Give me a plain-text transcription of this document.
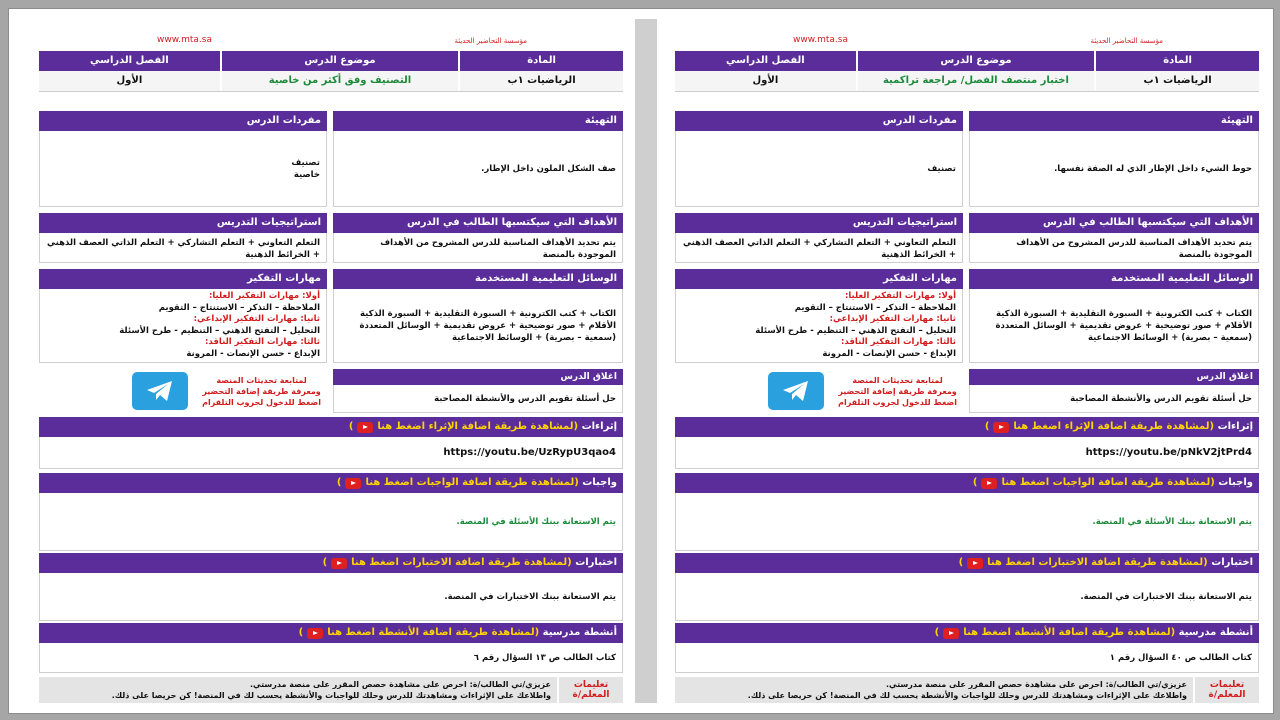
مؤسسة التحاضير الحديثة
www.mta.sa
المادة
موضوع الدرس
الفصل الدراسي
الرياضيات ١ب
اختبار منتصف الفصل/ مراجعة تراكمية
الأول
التهيئة
حوط الشيء داخل الإطار الذي له الصفة نفسها.
مفردات الدرس
تصنيف
الأهداف التي سيكتسبها الطالب في الدرس
يتم تحديد الأهداف المناسبة للدرس المشروح من الأهداف الموجودة بالمنصة
استراتيجيات التدريس
التعلم التعاوني + التعلم التشاركي + التعلم الذاتي العصف الذهني + الخرائط الذهنية
الوسائل التعليمية المستخدمة
الكتاب + كتب الكترونية + السبورة التقليدية + السبورة الذكية الأقلام + صور توضيحية + عروض تقديمية + الوسائل المتعددة (سمعية – بصرية) + الوسائط الاجتماعية
مهارات التفكير
أولا: مهارات التفكير العليا:
الملاحظة – التذكر – الاستنتاج – التقويم
ثانيا: مهارات التفكير الإبداعي:
التحليل – التفتح الذهني – التنظيم - طرح الأسئلة
ثالثا: مهارات التفكير الناقد:
الإبداع - حسن الإنصات - المرونة
اغلاق الدرس
حل أسئلة تقويم الدرس والأنشطة المصاحبة
لمتابعة تحديثات المنصة
ومعرفة طريقة إضافة التحضير
اضغط للدخول لجروب التلقرام
إثراءات

(لمشاهدة طريقة اضافة الإثراء اضغط هنا
)
https://youtu.be/pNkV2jtPrd4
واجبات

(لمشاهدة طريقة اضافة الواجبات اضغط هنا
)
يتم الاستعانة ببنك الأسئلة في المنصة.
اختبارات

(لمشاهدة طريقة اضافة الاختبارات اضغط هنا
)
يتم الاستعانة ببنك الاختبارات في المنصة.
أنشطة مدرسية

(لمشاهدة طريقة اضافة الأنشطة اضغط هنا
)
كتاب الطالب ص ٤٠ السؤال رقم ١
تعليمات المعلم/ة
عزيزي/تي الطالب/ة: احرص على مشاهدة حصص المقرر على منصة مدرستي.
واطلاعك على الإثراءات ومشاهدتك للدرس وحلك للواجبات والأنشطة يحسب لك في المنصة! كن حريصا على ذلك.
مؤسسة التحاضير الحديثة
www.mta.sa
المادة
موضوع الدرس
الفصل الدراسي
الرياضيات ١ب
التصنيف وفق أكثر من خاصية
الأول
التهيئة
صف الشكل الملون داخل الإطار.
مفردات الدرس
تصنيف
خاصية
الأهداف التي سيكتسبها الطالب في الدرس
يتم تحديد الأهداف المناسبة للدرس المشروح من الأهداف الموجودة بالمنصة
استراتيجيات التدريس
التعلم التعاوني + التعلم التشاركي + التعلم الذاتي العصف الذهني + الخرائط الذهنية
الوسائل التعليمية المستخدمة
الكتاب + كتب الكترونية + السبورة التقليدية + السبورة الذكية الأقلام + صور توضيحية + عروض تقديمية + الوسائل المتعددة (سمعية – بصرية) + الوسائط الاجتماعية
مهارات التفكير
أولا: مهارات التفكير العليا:
الملاحظة – التذكر – الاستنتاج – التقويم
ثانيا: مهارات التفكير الإبداعي:
التحليل – التفتح الذهني – التنظيم - طرح الأسئلة
ثالثا: مهارات التفكير الناقد:
الإبداع - حسن الإنصات - المرونة
اغلاق الدرس
حل أسئلة تقويم الدرس والأنشطة المصاحبة
لمتابعة تحديثات المنصة
ومعرفة طريقة إضافة التحضير
اضغط للدخول لجروب التلقرام
إثراءات

(لمشاهدة طريقة اضافة الإثراء اضغط هنا
)
https://youtu.be/UzRypU3qao4
واجبات

(لمشاهدة طريقة اضافة الواجبات اضغط هنا
)
يتم الاستعانة ببنك الأسئلة في المنصة.
اختبارات

(لمشاهدة طريقة اضافة الاختبارات اضغط هنا
)
يتم الاستعانة ببنك الاختبارات في المنصة.
أنشطة مدرسية

(لمشاهدة طريقة اضافة الأنشطة اضغط هنا
)
كتاب الطالب ص ١٣ السؤال رقم ٦
تعليمات المعلم/ة
عزيزي/تي الطالب/ة: احرص على مشاهدة حصص المقرر على منصة مدرستي.
واطلاعك على الإثراءات ومشاهدتك للدرس وحلك للواجبات والأنشطة يحسب لك في المنصة! كن حريصا على ذلك.
